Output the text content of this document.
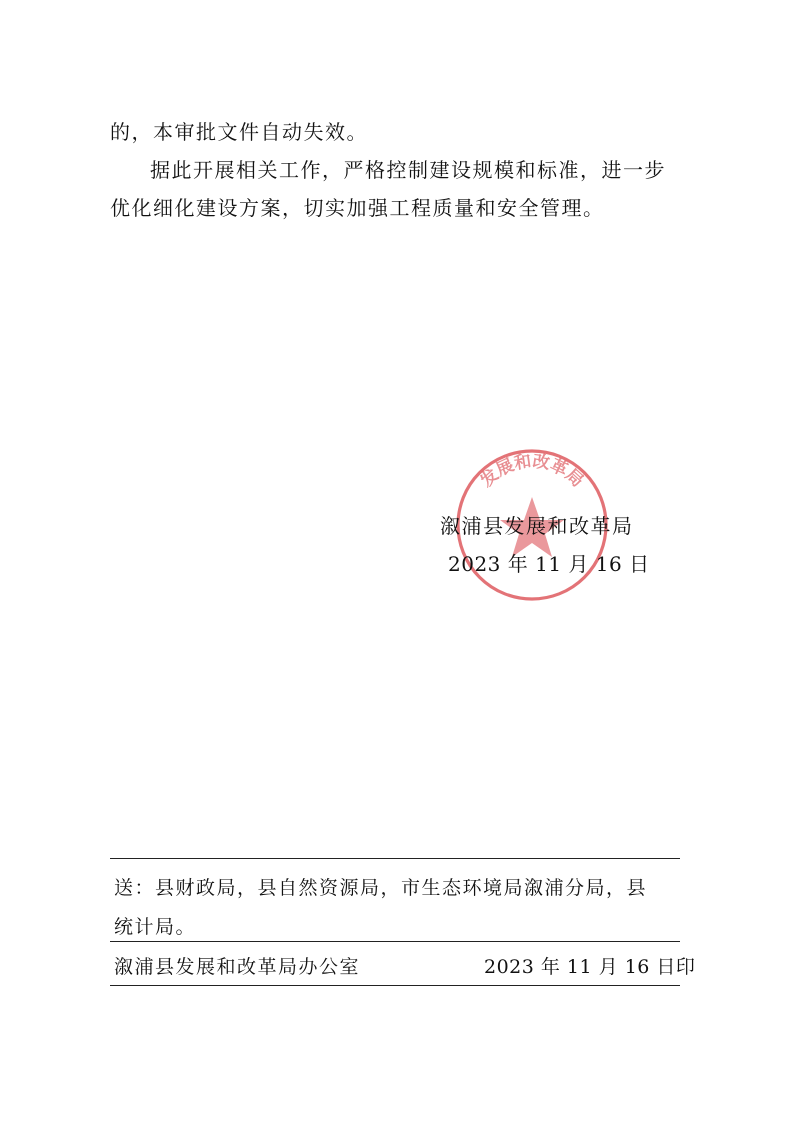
的，本审批文件自动失效。
据此开展相关工作，严格控制建设规模和标准，进一步
优化细化建设方案，切实加强工程质量和安全管理。
发展和改革局
溆浦县发展和改革局
2023 年 11 月 16 日
送：县财政局，县自然资源局，市生态环境局溆浦分局，县
统计局。
溆浦县发展和改革局办公室	2023 年 11 月 16 日印
